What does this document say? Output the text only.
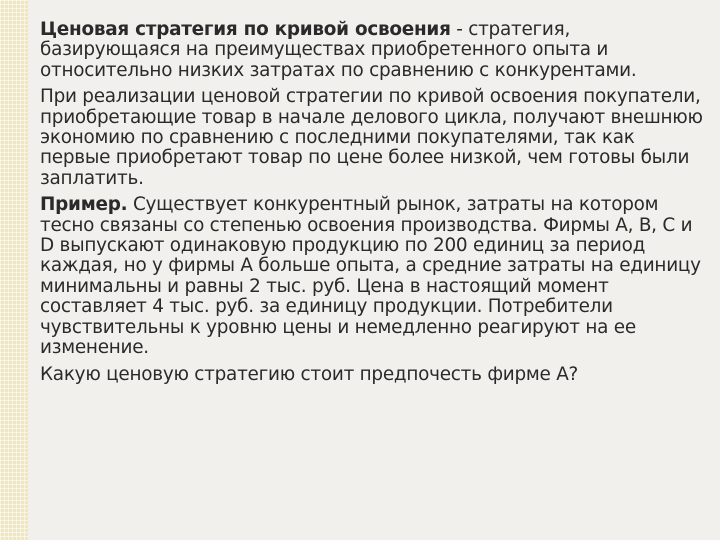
Ценовая стратегия по кривой освоения - стратегия, базирующаяся на преимуществах приобретенного опыта и относительно низких затратах по сравнению с конкурентами.

При реализации ценовой стратегии по кривой освоения покупатели, приобретающие товар в начале делового цикла, получают внешнюю экономию по сравнению с последними покупателями, так как первые приобретают товар по цене более низкой, чем готовы были заплатить.

Пример. Существует конкурентный рынок, затраты на котором тесно связаны со степенью освоения производства. Фирмы А, В, С и D выпускают одинаковую продукцию по 200 единиц за период каждая, но у фирмы А больше опыта, а средние затраты на единицу минимальны и равны 2 тыс. руб. Цена в настоящий момент составляет 4 тыс. руб. за единицу продукции. Потребители чувствительны к уровню цены и немедленно реагируют на ее изменение.

Какую ценовую стратегию стоит предпочесть фирме А?
